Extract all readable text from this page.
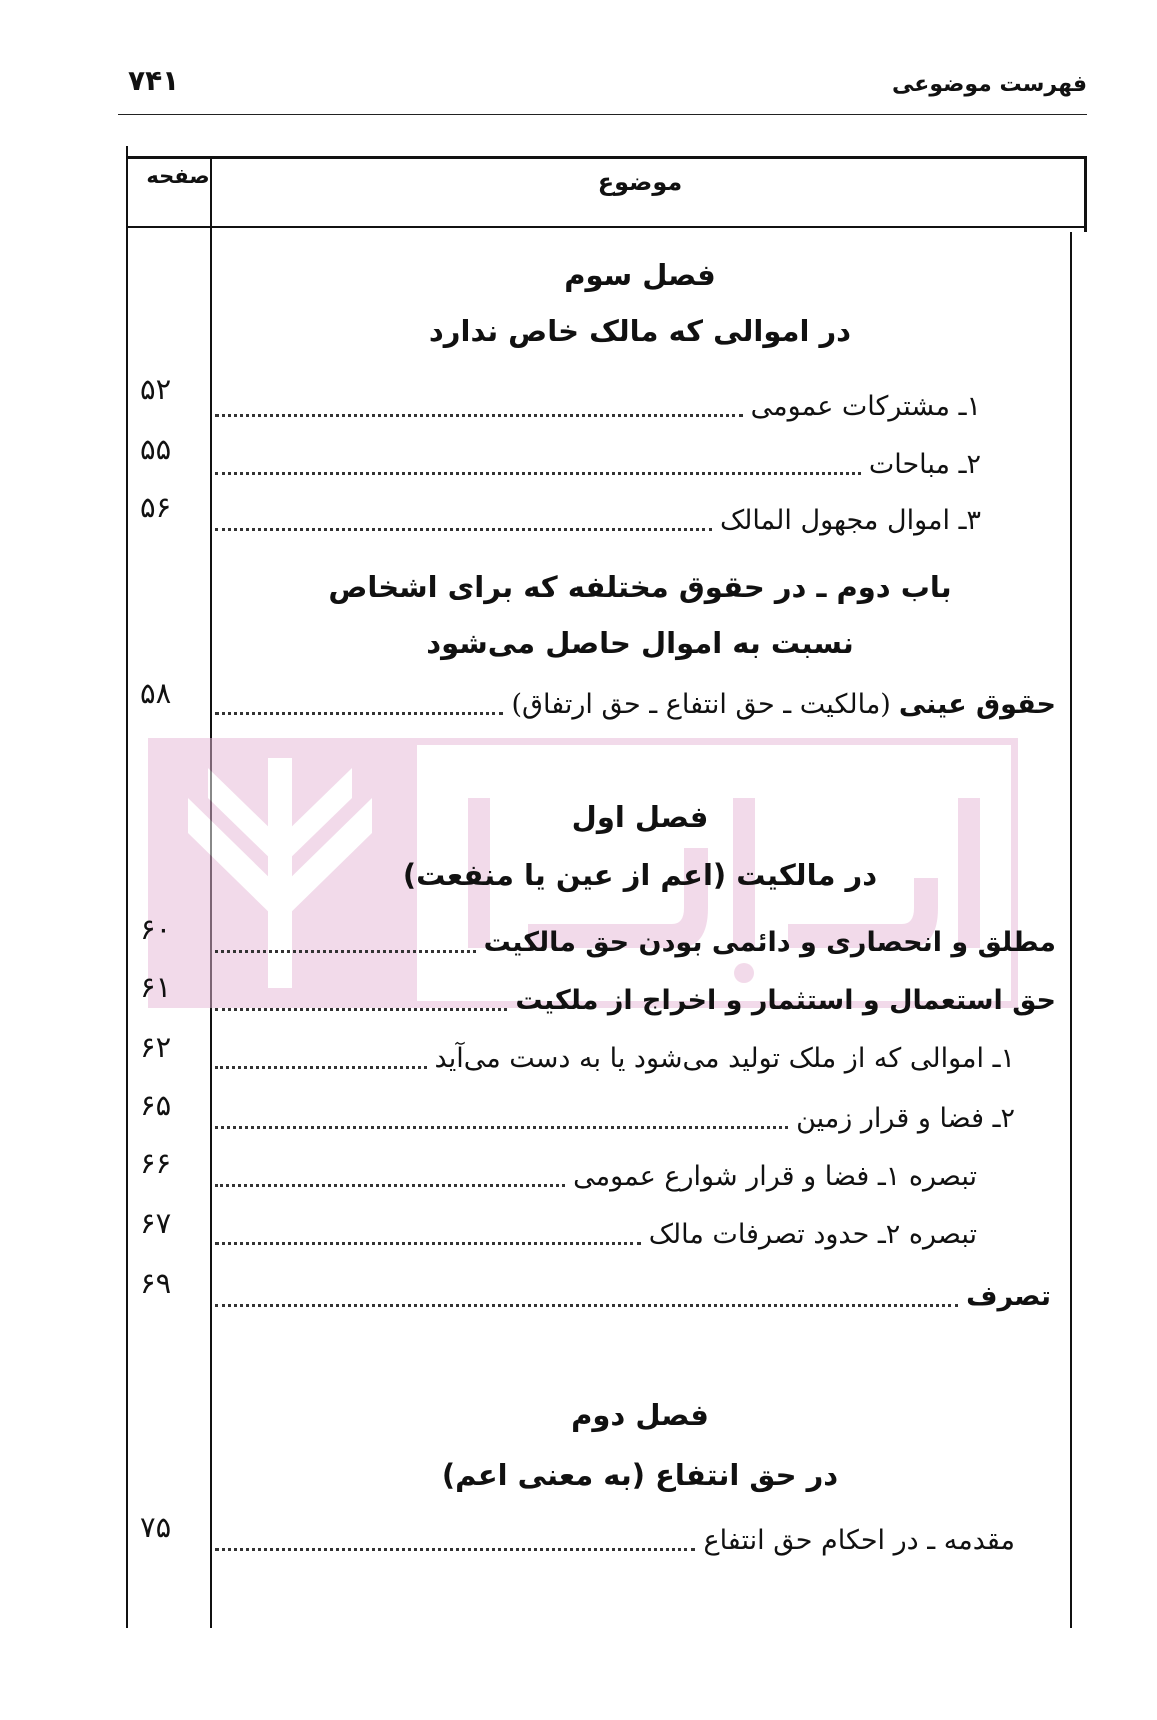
فهرست موضوعی
۷۴۱
موضوع
صفحه
فصل سوم
در اموالی که مالک خاص ندارد
باب دوم ـ در حقوق مختلفه که برای اشخاص
نسبت به اموال حاصل می‌شود
فصل اول
در مالکیت (اعم از عین یا منفعت)
فصل دوم
در حق انتفاع (به معنی اعم)
۱ـ مشترکات عمومی
۵۲
۲ـ مباحات
۵۵
۳ـ اموال مجهول المالک
۵۶
حقوق عینی
(مالکیت ـ حق انتفاع ـ حق ارتفاق)
۵۸
مطلق و انحصاری و دائمی بودن حق مالکیت
۶۰
حق استعمال و استثمار و اخراج از ملکیت
۶۱
۱ـ اموالی که از ملک تولید می‌شود یا به دست می‌آید
۶۲
۲ـ فضا و قرار زمین
۶۵
تبصره ۱ـ فضا و قرار شوارع عمومی
۶۶
تبصره ۲ـ حدود تصرفات مالک
۶۷
تصرف
۶۹
مقدمه ـ در احکام حق انتفاع
۷۵
